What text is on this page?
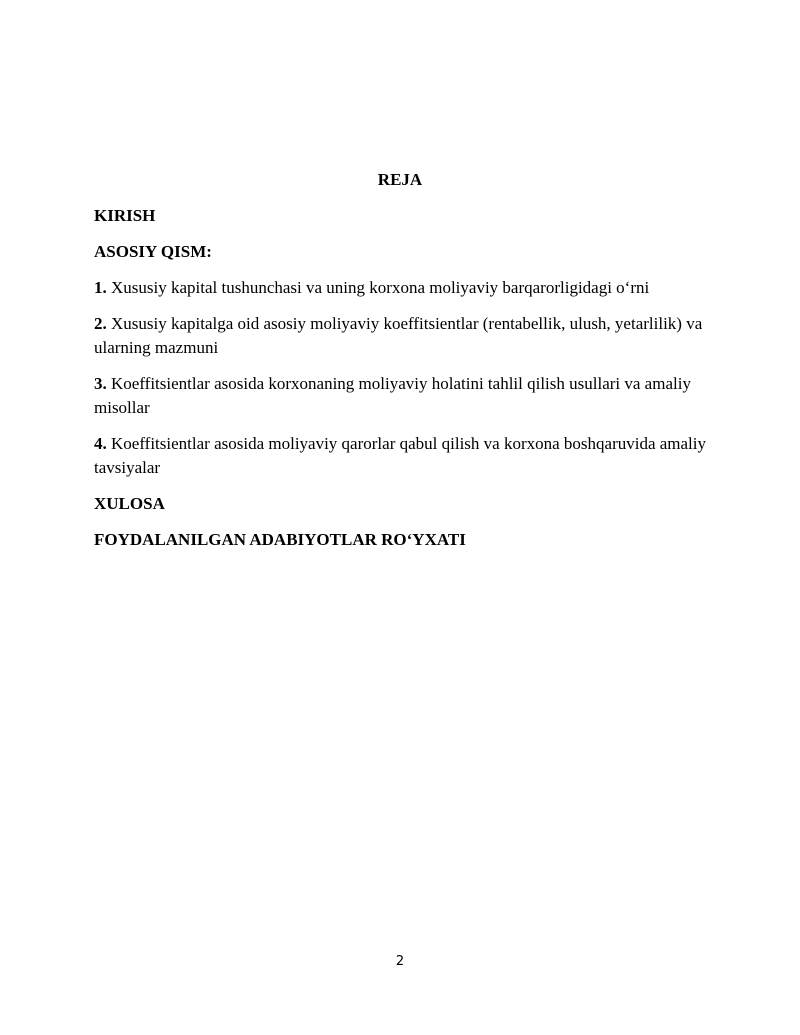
REJA

KIRISH

ASOSIY QISM:

1. Xususiy kapital tushunchasi va uning korxona moliyaviy barqarorligidagi o‘rni

2. Xususiy kapitalga oid asosiy moliyaviy koeffitsientlar (rentabellik, ulush, yetarlilik) va ularning mazmuni

3. Koeffitsientlar asosida korxonaning moliyaviy holatini tahlil qilish usullari va amaliy misollar

4. Koeffitsientlar asosida moliyaviy qarorlar qabul qilish va korxona boshqaruvida amaliy tavsiyalar

XULOSA

FOYDALANILGAN ADABIYOTLAR RO‘YXATI

2
